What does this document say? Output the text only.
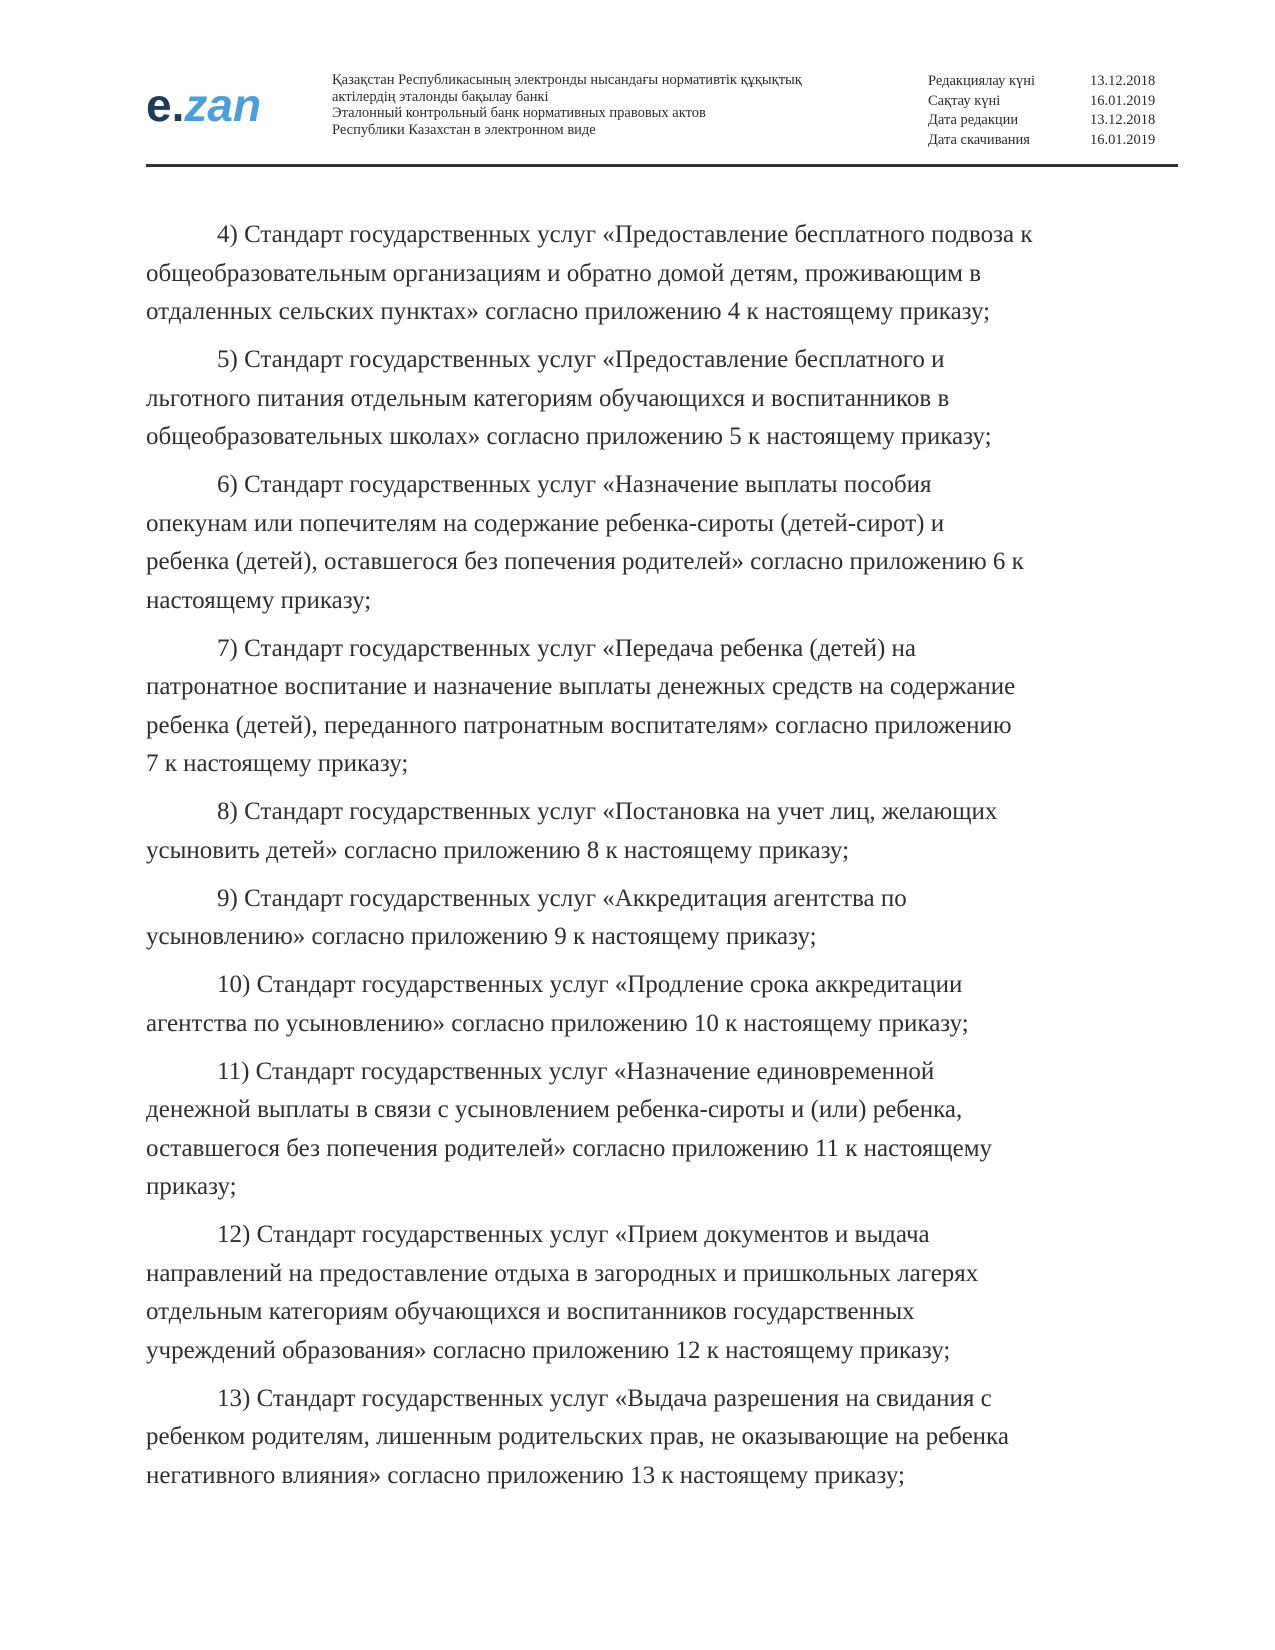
e.zan	Қазақстан Республикасының электронды нысандағы нормативтік құқықтық
актілердің эталонды бақылау банкі
Эталонный контрольный банк нормативных правовых актов
Республики Казахстан в электронном виде
Редакциялау күні	13.12.2018
Сақтау күні	16.01.2019
Дата редакции	13.12.2018
Дата скачивания	16.01.2019

4) Стандарт государственных услуг «Предоставление бесплатного подвоза к
общеобразовательным организациям и обратно домой детям, проживающим в
отдаленных сельских пунктах» согласно приложению 4 к настоящему приказу;

5) Стандарт государственных услуг «Предоставление бесплатного и
льготного питания отдельным категориям обучающихся и воспитанников в
общеобразовательных школах» согласно приложению 5 к настоящему приказу;

6) Стандарт государственных услуг «Назначение выплаты пособия
опекунам или попечителям на содержание ребенка-сироты (детей-сирот) и
ребенка (детей), оставшегося без попечения родителей» согласно приложению 6 к
настоящему приказу;

7) Стандарт государственных услуг «Передача ребенка (детей) на
патронатное воспитание и назначение выплаты денежных средств на содержание
ребенка (детей), переданного патронатным воспитателям» согласно приложению
7 к настоящему приказу;

8) Стандарт государственных услуг «Постановка на учет лиц, желающих
усыновить детей» согласно приложению 8 к настоящему приказу;

9) Стандарт государственных услуг «Аккредитация агентства по
усыновлению» согласно приложению 9 к настоящему приказу;

10) Стандарт государственных услуг «Продление срока аккредитации
агентства по усыновлению» согласно приложению 10 к настоящему приказу;

11) Стандарт государственных услуг «Назначение единовременной
денежной выплаты в связи с усыновлением ребенка-сироты и (или) ребенка,
оставшегося без попечения родителей» согласно приложению 11 к настоящему
приказу;

12) Стандарт государственных услуг «Прием документов и выдача
направлений на предоставление отдыха в загородных и пришкольных лагерях
отдельным категориям обучающихся и воспитанников государственных
учреждений образования» согласно приложению 12 к настоящему приказу;

13) Стандарт государственных услуг «Выдача разрешения на свидания с
ребенком родителям, лишенным родительских прав, не оказывающие на ребенка
негативного влияния» согласно приложению 13 к настоящему приказу;
